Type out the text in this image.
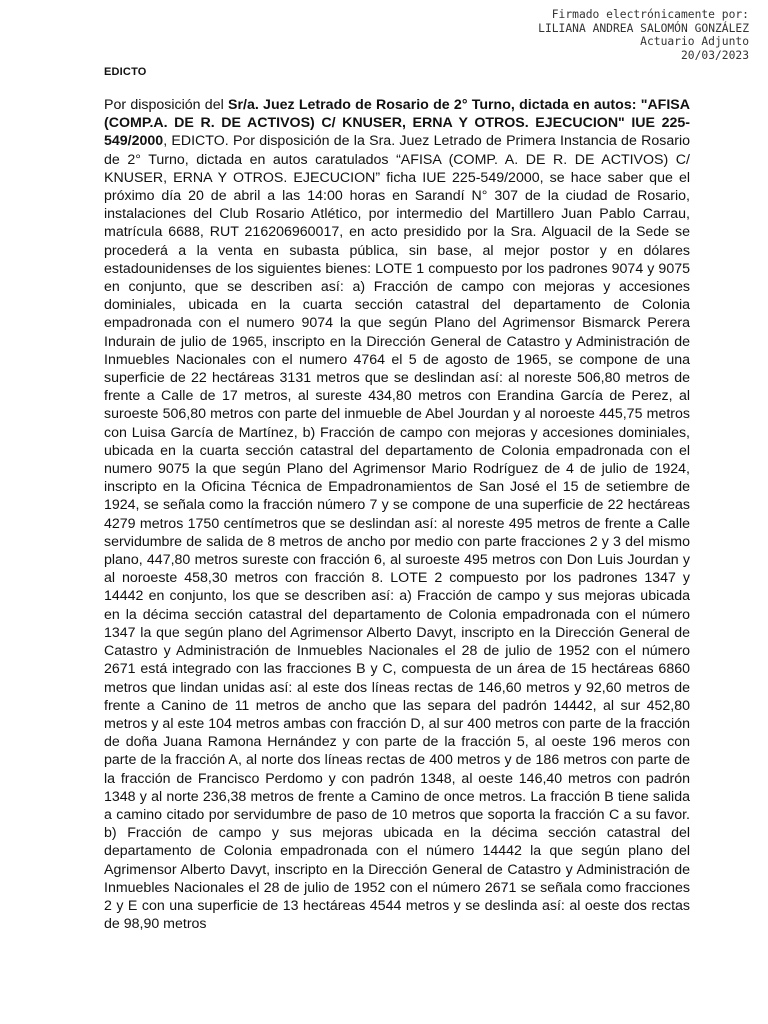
Firmado electrónicamente por:
LILIANA ANDREA SALOMÓN GONZÁLEZ
Actuario Adjunto
20/03/2023
EDICTO

Por disposición del Sr/a. Juez Letrado de Rosario de 2° Turno, dictada en autos: "AFISA (COMP.A. DE R. DE ACTIVOS) C/ KNUSER, ERNA Y OTROS. EJECUCION" IUE 225-549/2000, EDICTO. Por disposición de la Sra. Juez Letrado de Primera Instancia de Rosario de 2° Turno, dictada en autos caratulados “AFISA (COMP. A. DE R. DE ACTIVOS) C/ KNUSER, ERNA Y OTROS. EJECUCION” ficha IUE 225-549/2000, se hace saber que el próximo día 20 de abril a las 14:00 horas en Sarandí N° 307 de la ciudad de Rosario, instalaciones del Club Rosario Atlético, por intermedio del Martillero Juan Pablo Carrau, matrícula 6688, RUT 216206960017, en acto presidido por la Sra. Alguacil de la Sede se procederá a la venta en subasta pública, sin base, al mejor postor y en dólares estadounidenses de los siguientes bienes: LOTE 1 compuesto por los padrones 9074 y 9075 en conjunto, que se describen así: a) Fracción de campo con mejoras y accesiones dominiales, ubicada en la cuarta sección catastral del departamento de Colonia empadronada con el numero 9074 la que según Plano del Agrimensor Bismarck Perera Indurain de julio de 1965, inscripto en la Dirección General de Catastro y Administración de Inmuebles Nacionales con el numero 4764 el 5 de agosto de 1965, se compone de una superficie de 22 hectáreas 3131 metros que se deslindan así: al noreste 506,80 metros de frente a Calle de 17 metros, al sureste 434,80 metros con Erandina García de Perez, al suroeste 506,80 metros con parte del inmueble de Abel Jourdan y al noroeste 445,75 metros con Luisa García de Martínez, b) Fracción de campo con mejoras y accesiones dominiales, ubicada en la cuarta sección catastral del departamento de Colonia empadronada con el numero 9075 la que según Plano del Agrimensor Mario Rodríguez de 4 de julio de 1924, inscripto en la Oficina Técnica de Empadronamientos de San José el 15 de setiembre de 1924, se señala como la fracción número 7 y se compone de una superficie de 22 hectáreas 4279 metros 1750 centímetros que se deslindan así: al noreste 495 metros de frente a Calle servidumbre de salida de 8 metros de ancho por medio con parte fracciones 2 y 3 del mismo plano, 447,80 metros sureste con fracción 6, al suroeste 495 metros con Don Luis Jourdan y al noroeste 458,30 metros con fracción 8. LOTE 2 compuesto por los padrones 1347 y 14442 en conjunto, los que se describen así: a) Fracción de campo y sus mejoras ubicada en la décima sección catastral del departamento de Colonia empadronada con el número 1347 la que según plano del Agrimensor Alberto Davyt, inscripto en la Dirección General de Catastro y Administración de Inmuebles Nacionales el 28 de julio de 1952 con el número 2671 está integrado con las fracciones B y C, compuesta de un área de 15 hectáreas 6860 metros que lindan unidas así: al este dos líneas rectas de 146,60 metros y 92,60 metros de frente a Canino de 11 metros de ancho que las separa del padrón 14442, al sur 452,80 metros y al este 104 metros ambas con fracción D, al sur 400 metros con parte de la fracción de doña Juana Ramona Hernández y con parte de la fracción 5, al oeste 196 meros con parte de la fracción A, al norte dos líneas rectas de 400 metros y de 186 metros con parte de la fracción de Francisco Perdomo y con padrón 1348, al oeste 146,40 metros con padrón 1348 y al norte 236,38 metros de frente a Camino de once metros. La fracción B tiene salida a camino citado por servidumbre de paso de 10 metros que soporta la fracción C a su favor. b) Fracción de campo y sus mejoras ubicada en la décima sección catastral del departamento de Colonia empadronada con el número 14442 la que según plano del Agrimensor Alberto Davyt, inscripto en la Dirección General de Catastro y Administración de Inmuebles Nacionales el 28 de julio de 1952 con el número 2671 se señala como fracciones 2 y E con una superficie de 13 hectáreas 4544 metros y se deslinda así: al oeste dos rectas de 98,90 metros
